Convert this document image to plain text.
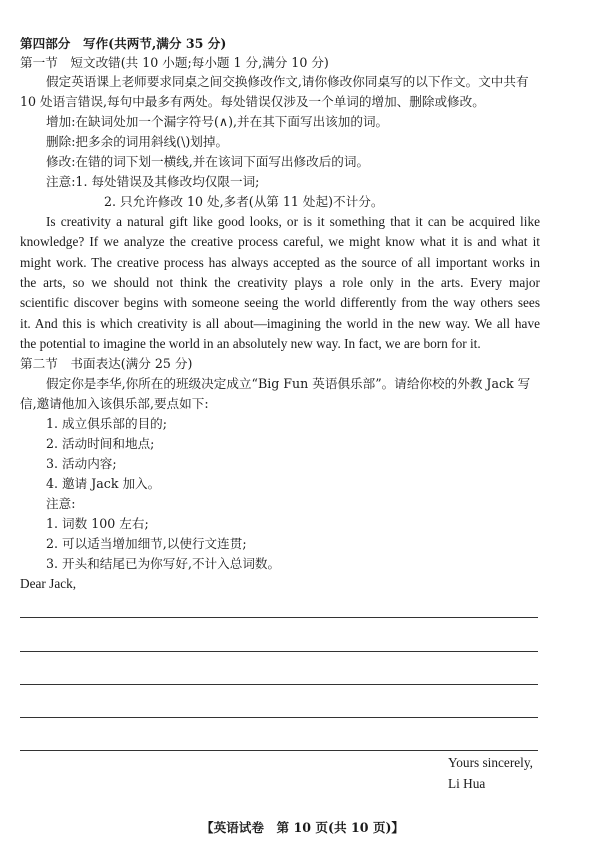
第四部分　写作(共两节,满分 35 分)
第一节　短文改错(共 10 小题;每小题 1 分,满分 10 分)
假定英语课上老师要求同桌之间交换修改作文,请你修改你同桌写的以下作文。文中共有
10 处语言错误,每句中最多有两处。每处错误仅涉及一个单词的增加、删除或修改。
增加:在缺词处加一个漏字符号(∧),并在其下面写出该加的词。
删除:把多余的词用斜线(\)划掉。
修改:在错的词下划一横线,并在该词下面写出修改后的词。
注意:1. 每处错误及其修改均仅限一词;
2. 只允许修改 10 处,多者(从第 11 处起)不计分。
Is creativity a natural gift like good looks, or is it something that it can be acquired like
knowledge? If we analyze the creative process careful, we might know what it is and what it
might work. The creative process has always accepted as the source of all important works in
the arts, so we should not think the creativity plays a role only in the arts. Every major
scientific discover begins with someone seeing the world differently from the way others sees
it. And this is which creativity is all about—imagining the world in the new way. We all have
the potential to imagine the world in an absolutely new way. In fact, we are born for it.
第二节　书面表达(满分 25 分)
假定你是李华,你所在的班级决定成立“Big Fun 英语俱乐部”。请给你校的外教 Jack 写
信,邀请他加入该俱乐部,要点如下:
1. 成立俱乐部的目的;
2. 活动时间和地点;
3. 活动内容;
4. 邀请 Jack 加入。
注意:
1. 词数 100 左右;
2. 可以适当增加细节,以使行文连贯;
3. 开头和结尾已为你写好,不计入总词数。
Dear Jack,
Yours sincerely,
Li Hua
【英语试卷　第 10 页(共 10 页)】
